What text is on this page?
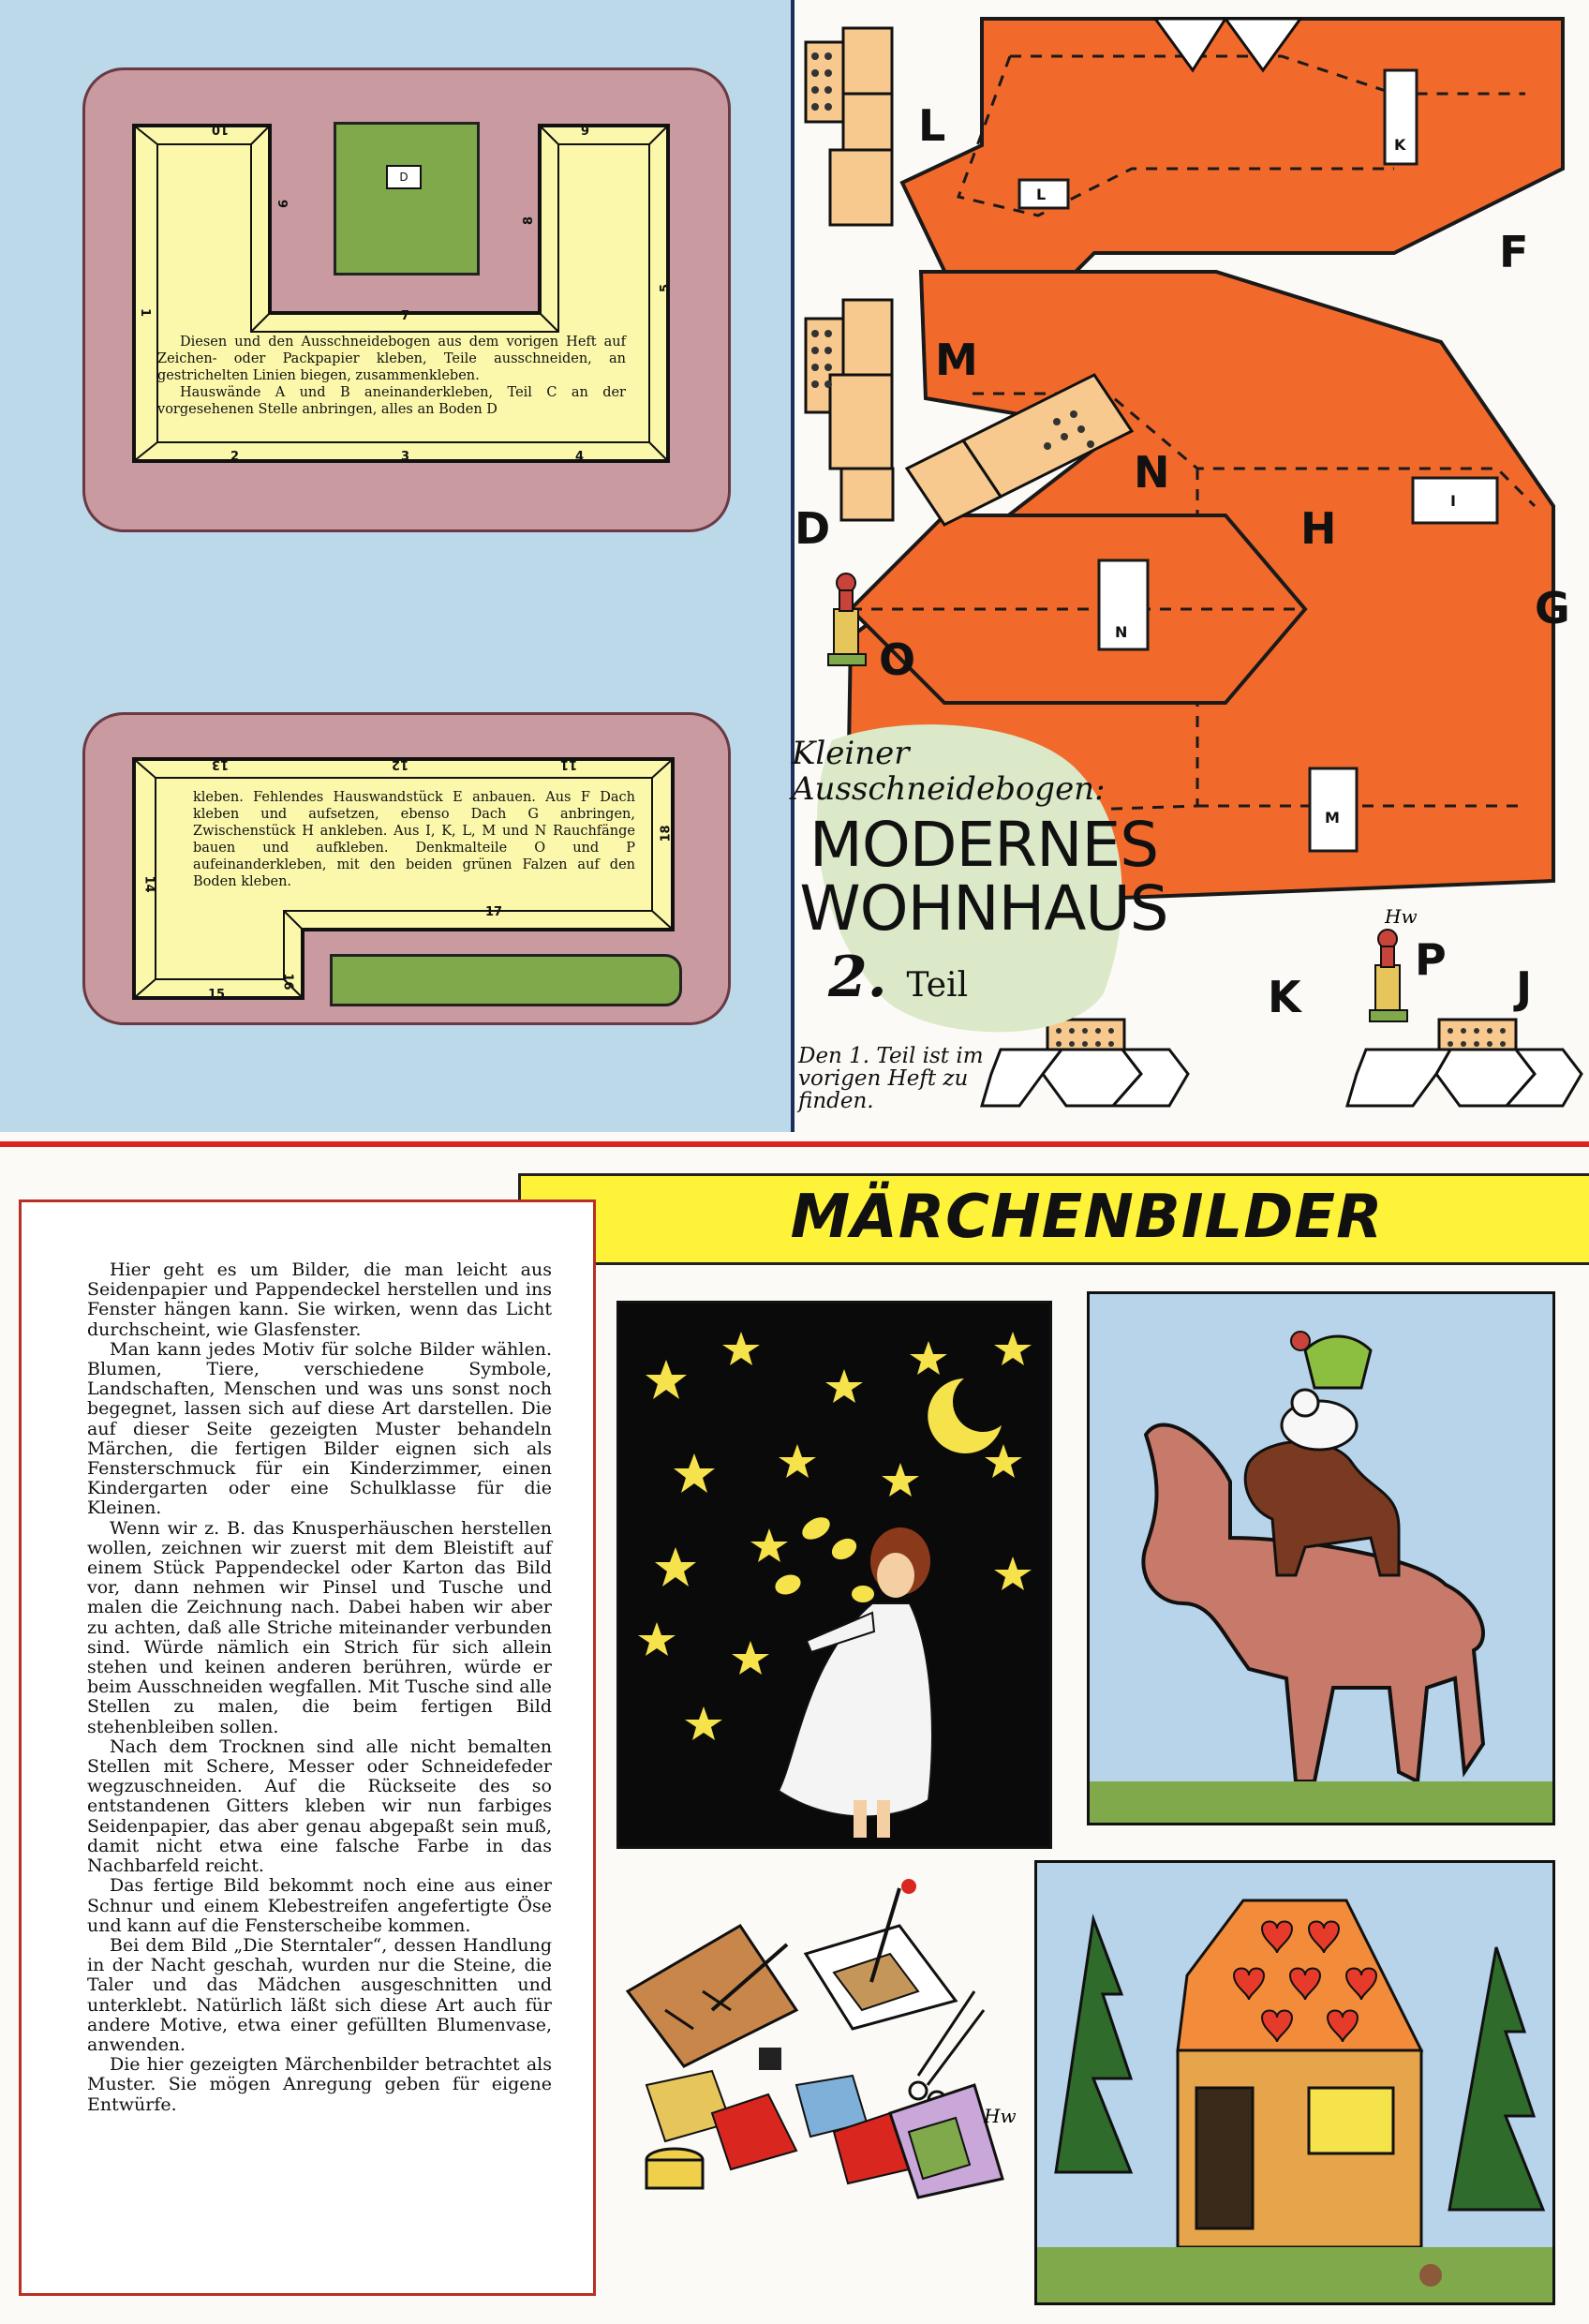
D
10
9
8
7
6
5
1
2	3	4

Diesen und den Ausschneidebogen aus dem vorigen Heft auf Zeichen- oder Packpapier kleben, Teile ausschneiden, an gestrichelten Linien biegen, zusammenkleben.

Hauswände A und B aneinanderkleben, Teil C an der vorgesehenen Stelle anbringen, alles an Boden D

13	12	11
18
14
17
15
16

kleben. Fehlendes Hauswandstück E anbauen. Aus F Dach kleben und aufsetzen, ebenso Dach G anbringen, Zwischenstück H ankleben. Aus I, K, L, M und N Rauchfänge bauen und aufkleben. Denkmalteile O und P aufeinanderkleben, mit den beiden grünen Falzen auf den Boden kleben.

L
K
I
M
N
L
M
N
D
O
F
H
G
K
P
J
Hw
Kleiner Ausschneidebogen:
MODERNES
WOHNHAUS
2. Teil
Den 1. Teil ist im vorigen Heft zu finden.
MÄRCHENBILDER

Hier geht es um Bilder, die man leicht aus Seidenpapier und Pappendeckel herstellen und ins Fenster hängen kann. Sie wirken, wenn das Licht durchscheint, wie Glasfenster.

Man kann jedes Motiv für solche Bilder wählen. Blumen, Tiere, verschiedene Symbole, Landschaften, Menschen und was uns sonst noch begegnet, lassen sich auf diese Art darstellen. Die auf dieser Seite gezeigten Muster behandeln Märchen, die fertigen Bilder eignen sich als Fensterschmuck für ein Kinderzimmer, einen Kindergarten oder eine Schulklasse für die Kleinen.

Wenn wir z. B. das Knusperhäuschen herstellen wollen, zeichnen wir zuerst mit dem Bleistift auf einem Stück Pappendeckel oder Karton das Bild vor, dann nehmen wir Pinsel und Tusche und malen die Zeichnung nach. Dabei haben wir aber zu achten, daß alle Striche miteinander verbunden sind. Würde nämlich ein Strich für sich allein stehen und keinen anderen berühren, würde er beim Ausschneiden wegfallen. Mit Tusche sind alle Stellen zu malen, die beim fertigen Bild stehenbleiben sollen.

Nach dem Trocknen sind alle nicht bemalten Stellen mit Schere, Messer oder Schneidefeder wegzuschneiden. Auf die Rückseite des so entstandenen Gitters kleben wir nun farbiges Seidenpapier, das aber genau abgepaßt sein muß, damit nicht etwa eine falsche Farbe in das Nachbarfeld reicht.

Das fertige Bild bekommt noch eine aus einer Schnur und einem Klebestreifen angefertigte Öse und kann auf die Fensterscheibe kommen.

Bei dem Bild „Die Sterntaler“, dessen Handlung in der Nacht geschah, wurden nur die Steine, die Taler und das Mädchen ausgeschnitten und unterklebt. Natürlich läßt sich diese Art auch für andere Motive, etwa einer gefüllten Blumenvase, anwenden.

Die hier gezeigten Märchenbilder betrachtet als Muster. Sie mögen Anregung geben für eigene Entwürfe.

Hw
